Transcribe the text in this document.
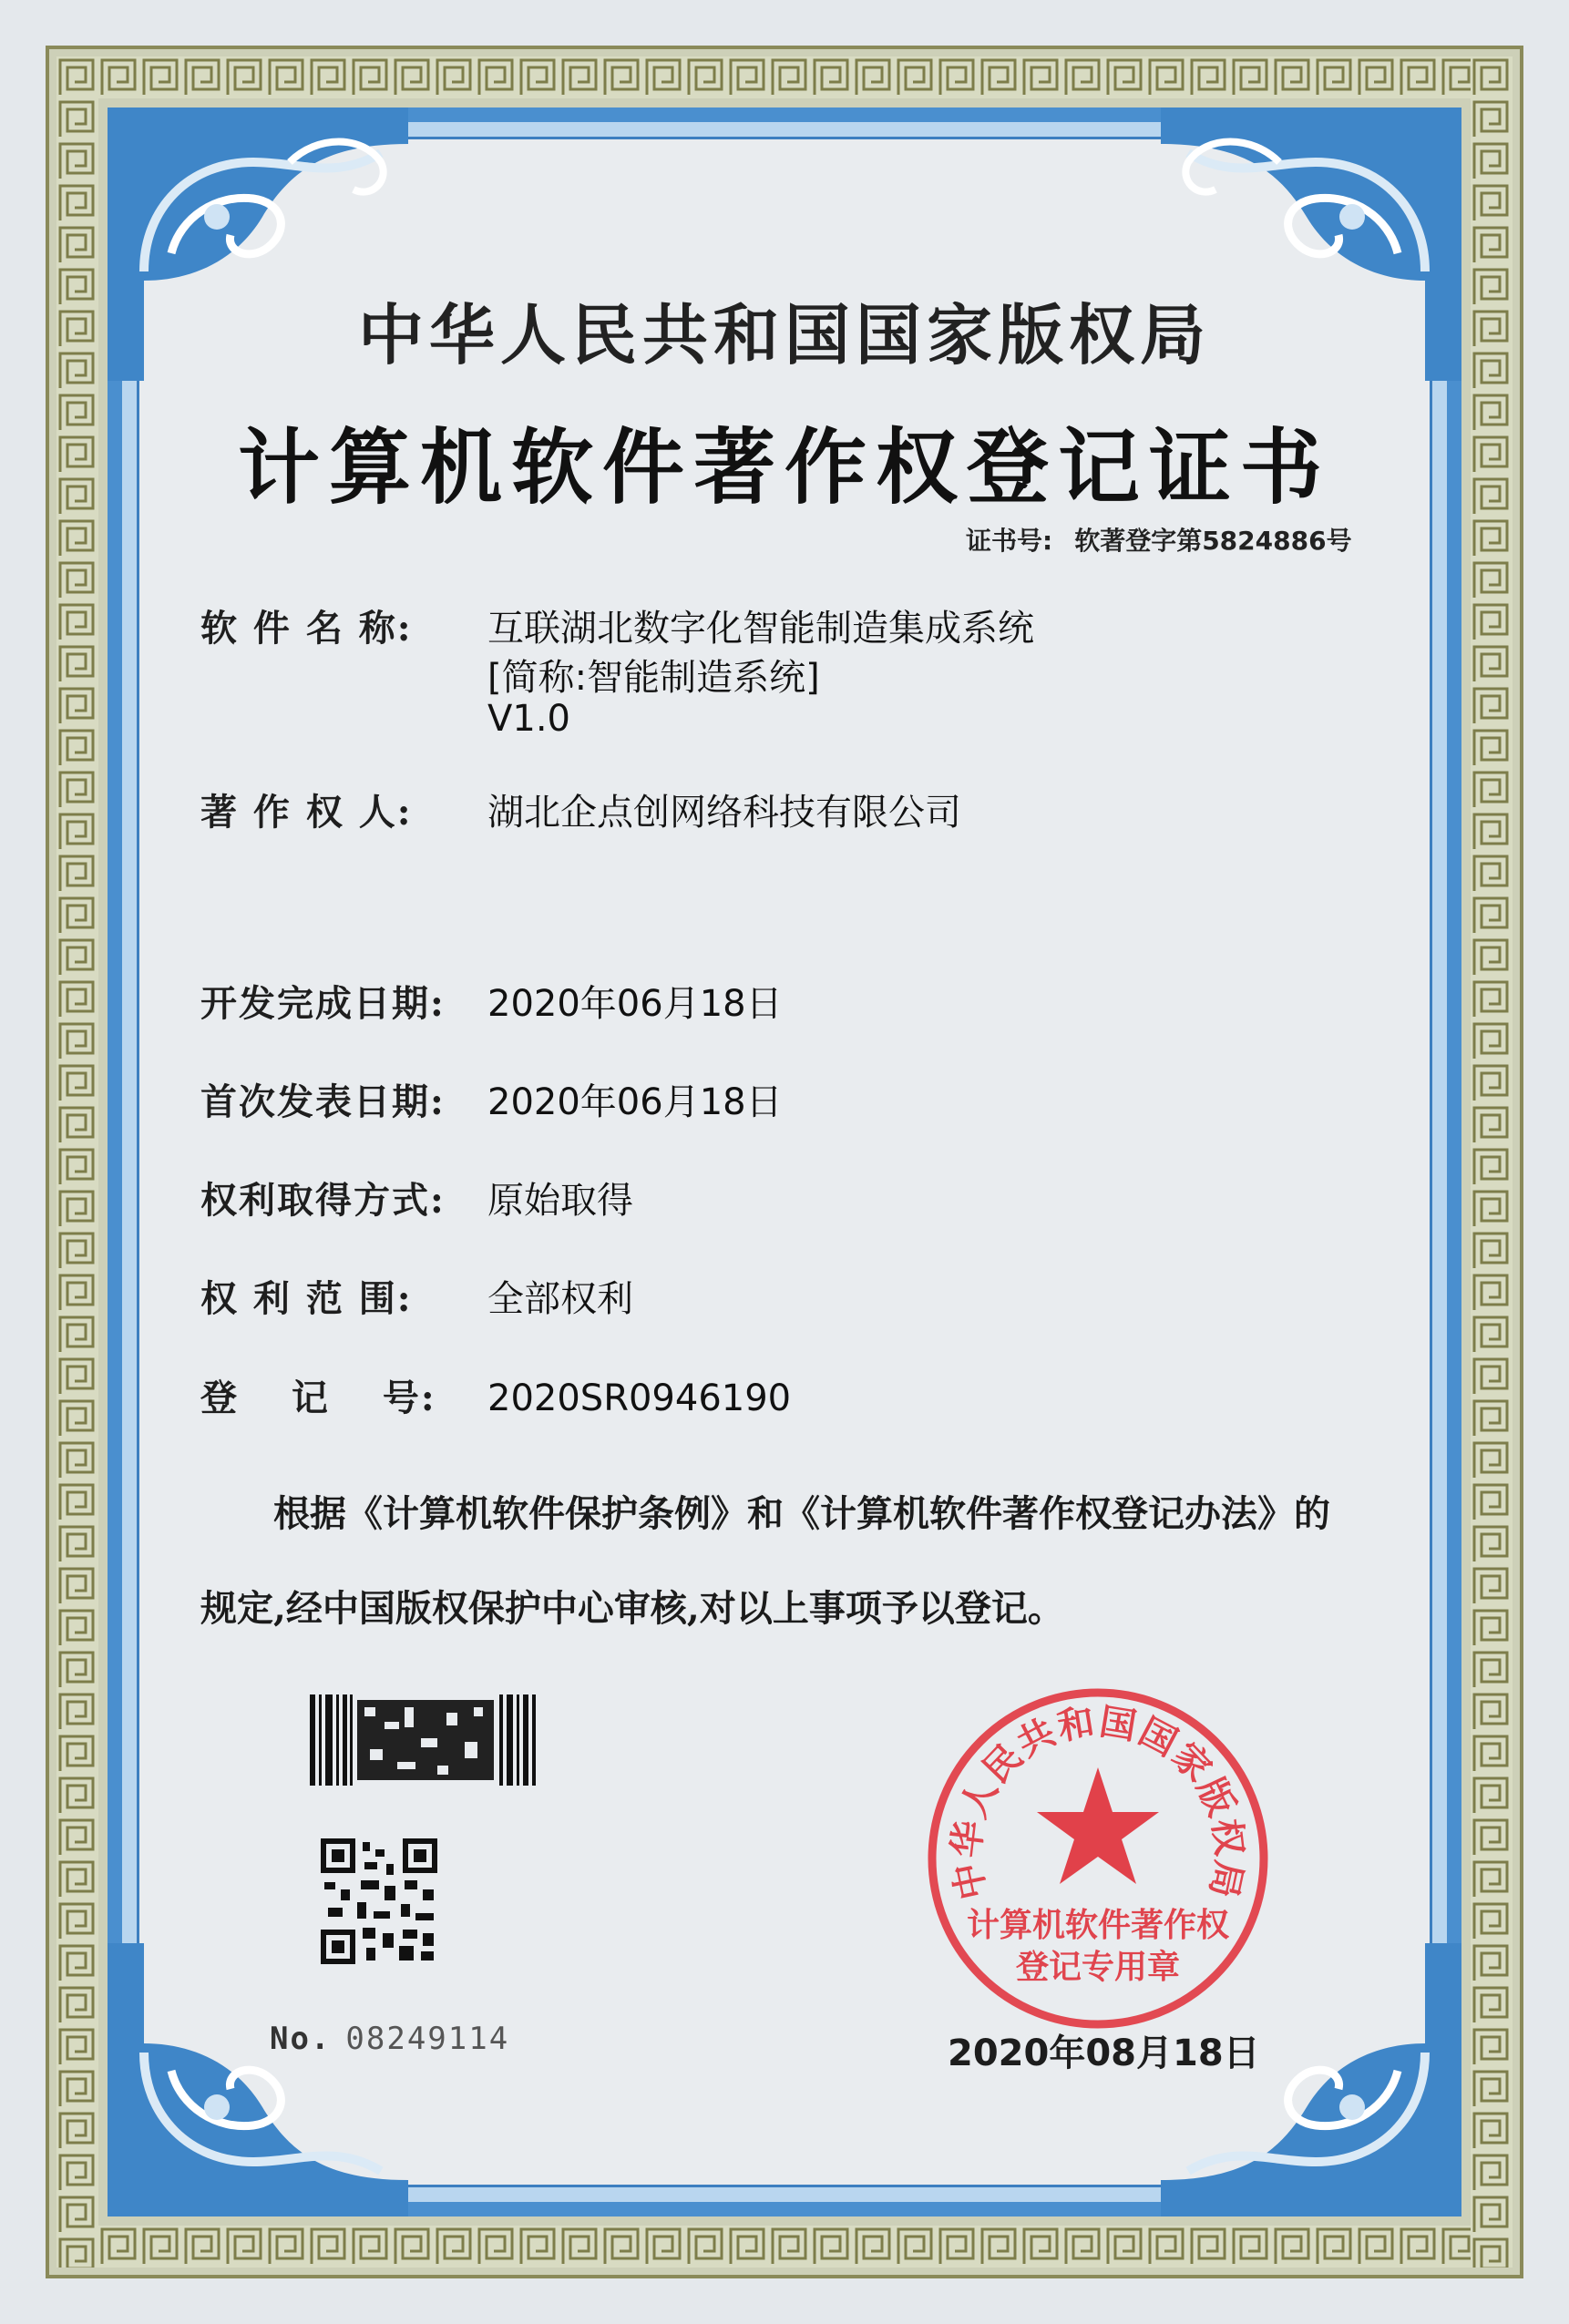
中华人民共和国国家版权局
计算机软件著作权登记证书
证书号: 软著登字第5824886号
软 件 名 称: 互联湖北数字化智能制造集成系统
[简称:智能制造系统]
V1.0
著 作 权 人: 湖北企点创网络科技有限公司
开发完成日期: 2020年06月18日
首次发表日期: 2020年06月18日
权利取得方式: 原始取得
权 利 范 围: 全部权利
登　 记　 号: 2020SR0946190

根据《计算机软件保护条例》和《计算机软件著作权登记办法》的

规定,经中国版权保护中心审核,对以上事项予以登记。

No. 08249114
中华人民共和国国家版权局
计算机软件著作权
登记专用章
2020年08月18日
